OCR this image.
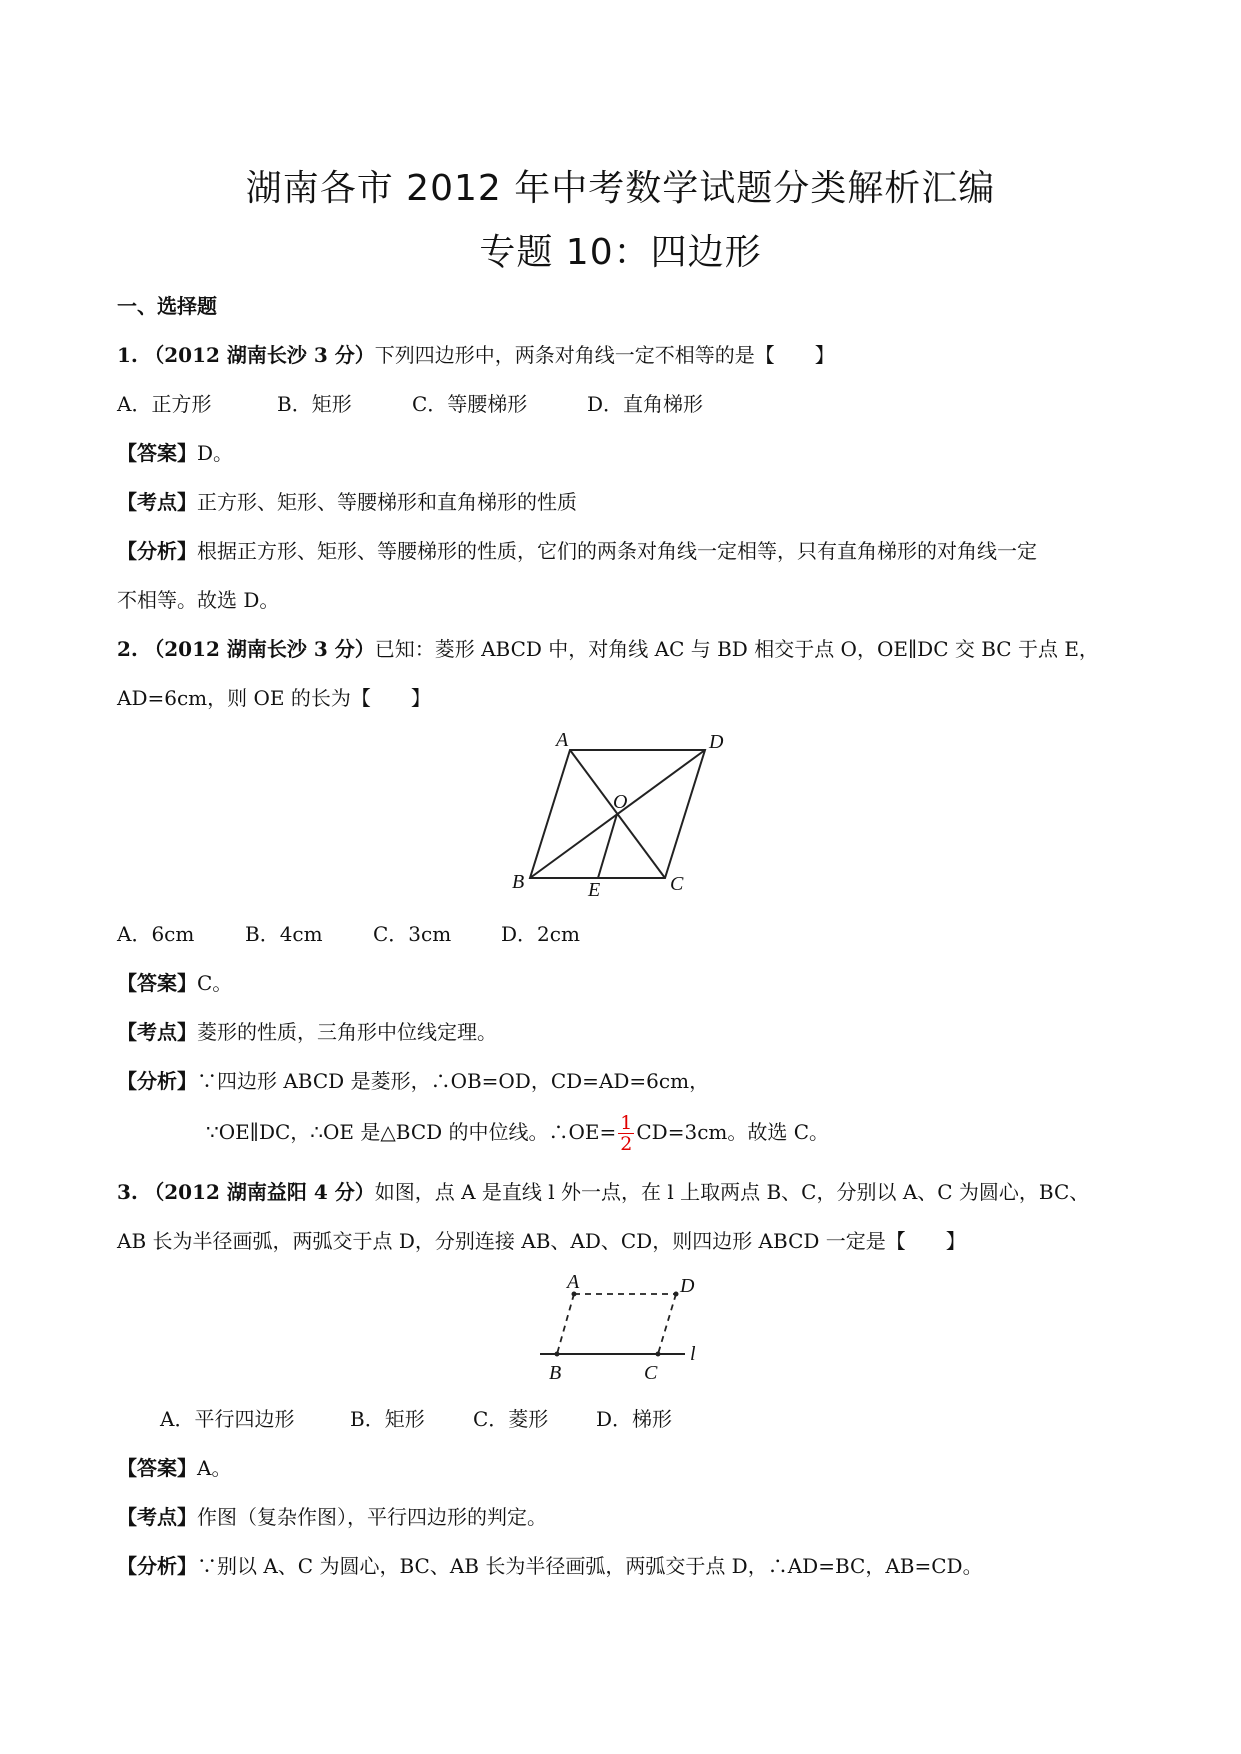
湖南各市 2012 年中考数学试题分类解析汇编
专题 10：四边形
一、选择题
1. （2012 湖南长沙 3 分）下列四边形中，两条对角线一定不相等的是【　　】
A．正方形	B．矩形	C．等腰梯形	D．直角梯形
【答案】D。
【考点】正方形、矩形、等腰梯形和直角梯形的性质
【分析】根据正方形、矩形、等腰梯形的性质，它们的两条对角线一定相等，只有直角梯形的对角线一定
不相等。故选 D。
2. （2012 湖南长沙 3 分）已知：菱形 ABCD 中，对角线 AC 与 BD 相交于点 O，OE∥DC 交 BC 于点 E，
AD=6cm，则 OE 的长为【　　】
A	D
O
B	E	C
A．6cm	B．4cm	C．3cm D．2cm
【答案】C。
【考点】菱形的性质，三角形中位线定理。
【分析】∵四边形 ABCD 是菱形，∴OB=OD，CD=AD=6cm，
∵OE∥DC，∴OE 是△BCD 的中位线。∴OE= $\frac{1}{2} CD=3cm$。故选 C。
3. （2012 湖南益阳 4 分）如图，点 A 是直线 l 外一点，在 l 上取两点 B、C，分别以 A、C 为圆心，BC、
AB 长为半径画弧，两弧交于点 D，分别连接 AB、AD、CD，则四边形 ABCD 一定是【　　】
A	D
B	C
l
A．平行四边形	B．矩形 C．菱形 D．梯形
【答案】A。
【考点】作图（复杂作图），平行四边形的判定。
【分析】∵别以 A、C 为圆心，BC、AB 长为半径画弧，两弧交于点 D，∴AD=BC，AB=CD。
